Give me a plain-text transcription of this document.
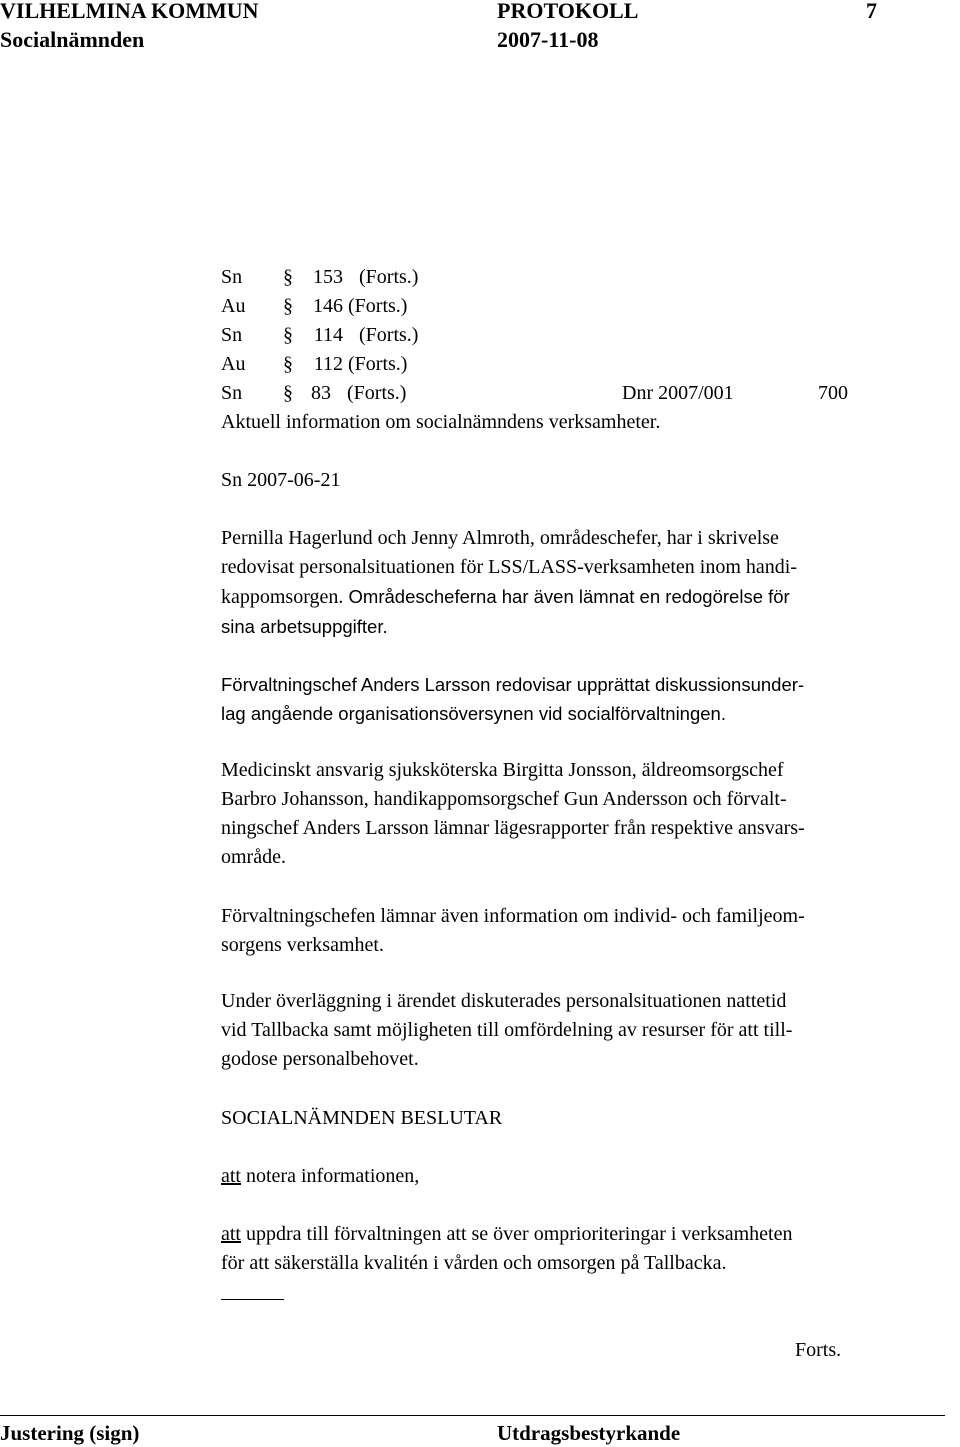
VILHELMINA KOMMUN	PROTOKOLL	7
Socialnämnden	2007-11-08
Sn § 153 (Forts.)
Au § 146 (Forts.)
Sn § 114 (Forts.)
Au § 112 (Forts.)
Sn § 83 (Forts.)	Dnr 2007/001	700
Aktuell information om socialnämndens verksamheter.
Sn 2007-06-21
Pernilla Hagerlund och Jenny Almroth, områdeschefer, har i skrivelse
redovisat personalsituationen för LSS/LASS-verksamheten inom handi-
kappomsorgen. Områdescheferna har även lämnat en redogörelse för
sina arbetsuppgifter.
Förvaltningschef Anders Larsson redovisar upprättat diskussionsunder-
lag angående organisationsöversynen vid socialförvaltningen.
Medicinskt ansvarig sjuksköterska Birgitta Jonsson, äldreomsorgschef
Barbro Johansson, handikappomsorgschef Gun Andersson och förvalt-
ningschef Anders Larsson lämnar lägesrapporter från respektive ansvars-
område.
Förvaltningschefen lämnar även information om individ- och familjeom-
sorgens verksamhet.
Under överläggning i ärendet diskuterades personalsituationen nattetid
vid Tallbacka samt möjligheten till omfördelning av resurser för att till-
godose personalbehovet.
SOCIALNÄMNDEN BESLUTAR
att notera informationen,
att uppdra till förvaltningen att se över omprioriteringar i verksamheten
för att säkerställa kvalitén i vården och omsorgen på Tallbacka.
Forts.
Justering (sign)	Utdragsbestyrkande
